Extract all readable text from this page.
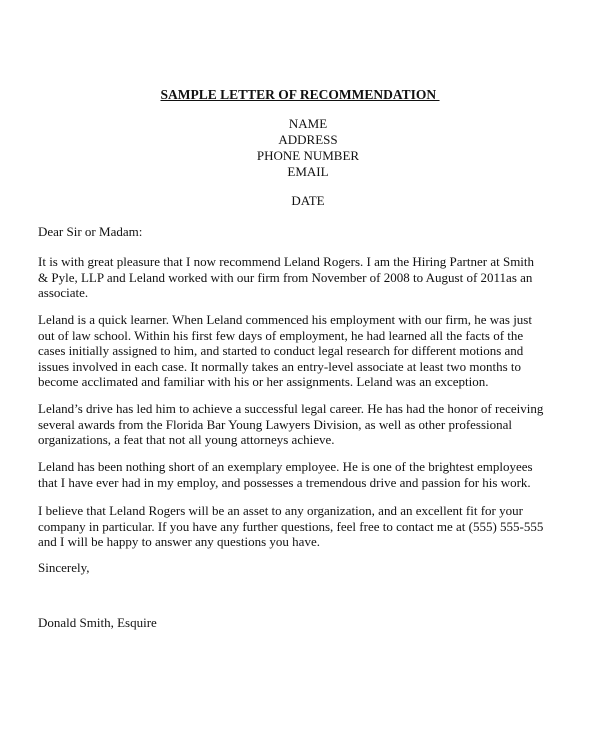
SAMPLE LETTER OF RECOMMENDATION
NAME
ADDRESS
PHONE NUMBER
EMAIL
DATE
Dear Sir or Madam:
It is with great pleasure that I now recommend Leland Rogers. I am the Hiring Partner at Smith
& Pyle, LLP and Leland worked with our firm from November of 2008 to August of 2011as an
associate.
Leland is a quick learner. When Leland commenced his employment with our firm, he was just
out of law school. Within his first few days of employment, he had learned all the facts of the
cases initially assigned to him, and started to conduct legal research for different motions and
issues involved in each case. It normally takes an entry-level associate at least two months to
become acclimated and familiar with his or her assignments. Leland was an exception.
Leland’s drive has led him to achieve a successful legal career. He has had the honor of receiving
several awards from the Florida Bar Young Lawyers Division, as well as other professional
organizations, a feat that not all young attorneys achieve.
Leland has been nothing short of an exemplary employee. He is one of the brightest employees
that I have ever had in my employ, and possesses a tremendous drive and passion for his work.
I believe that Leland Rogers will be an asset to any organization, and an excellent fit for your
company in particular. If you have any further questions, feel free to contact me at (555) 555-555
and I will be happy to answer any questions you have.
Sincerely,
Donald Smith, Esquire
